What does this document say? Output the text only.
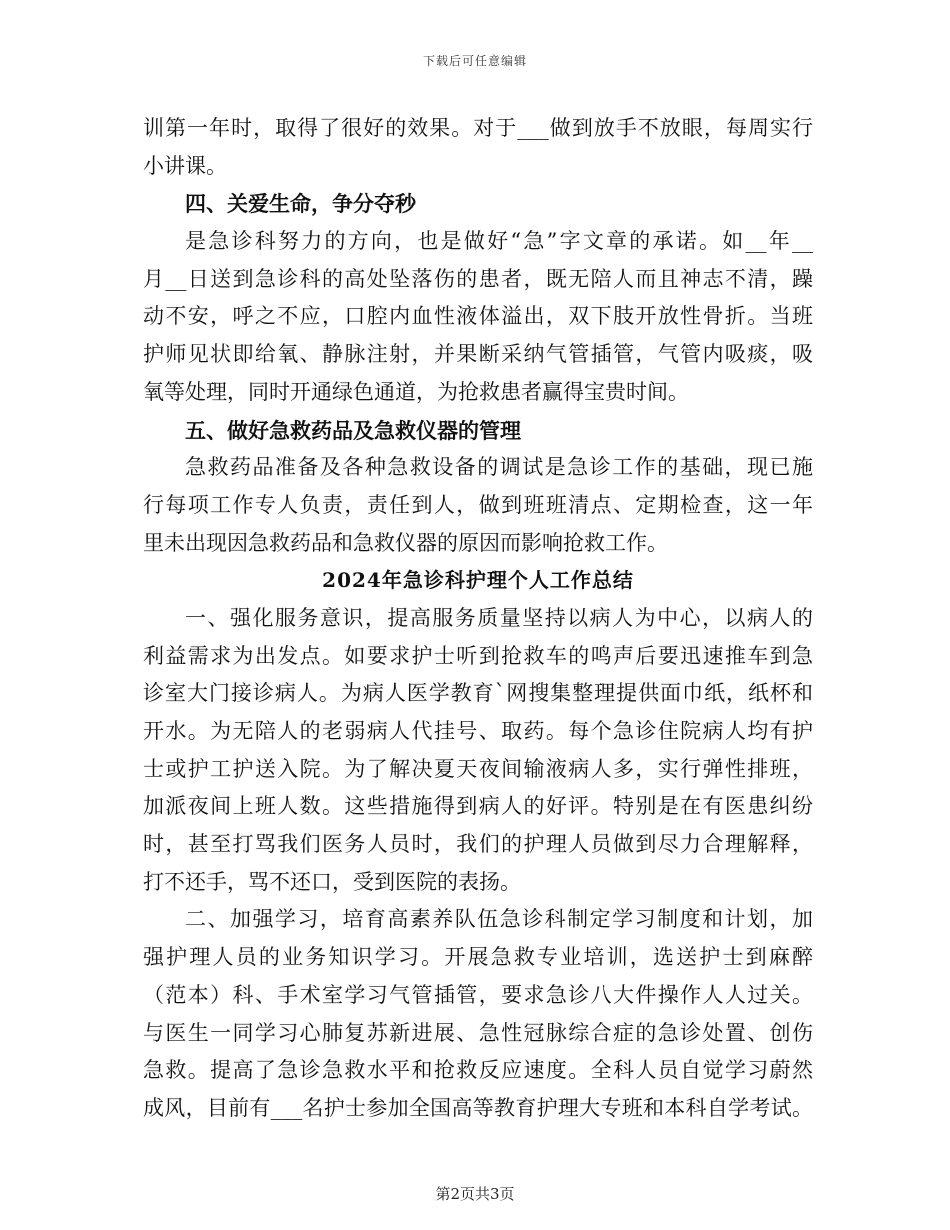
下载后可任意编辑
训第一年时，取得了很好的效果。对于___做到放手不放眼，每周实行
小讲课。
四、关爱生命，争分夺秒
是急诊科努力的方向，也是做好“急”字文章的承诺。如__年__
月__日送到急诊科的高处坠落伤的患者，既无陪人而且神志不清，躁
动不安，呼之不应，口腔内血性液体溢出，双下肢开放性骨折。当班
护师见状即给氧、静脉注射，并果断采纳气管插管，气管内吸痰，吸
氧等处理，同时开通绿色通道，为抢救患者赢得宝贵时间。
五、做好急救药品及急救仪器的管理
急救药品准备及各种急救设备的调试是急诊工作的基础，现已施
行每项工作专人负责，责任到人，做到班班清点、定期检查，这一年
里未出现因急救药品和急救仪器的原因而影响抢救工作。
2024年急诊科护理个人工作总结
一、强化服务意识，提高服务质量坚持以病人为中心，以病人的
利益需求为出发点。如要求护士听到抢救车的鸣声后要迅速推车到急
诊室大门接诊病人。为病人医学教育`网搜集整理提供面巾纸，纸杯和
开水。为无陪人的老弱病人代挂号、取药。每个急诊住院病人均有护
士或护工护送入院。为了解决夏天夜间输液病人多，实行弹性排班，
加派夜间上班人数。这些措施得到病人的好评。特别是在有医患纠纷
时，甚至打骂我们医务人员时，我们的护理人员做到尽力合理解释，
打不还手，骂不还口，受到医院的表扬。
二、加强学习，培育高素养队伍急诊科制定学习制度和计划，加
强护理人员的业务知识学习。开展急救专业培训，选送护士到麻醉
（范本）科、手术室学习气管插管，要求急诊八大件操作人人过关。
与医生一同学习心肺复苏新进展、急性冠脉综合症的急诊处置、创伤
急救。提高了急诊急救水平和抢救反应速度。全科人员自觉学习蔚然
成风，目前有___名护士参加全国高等教育护理大专班和本科自学考试。
第2页共3页
